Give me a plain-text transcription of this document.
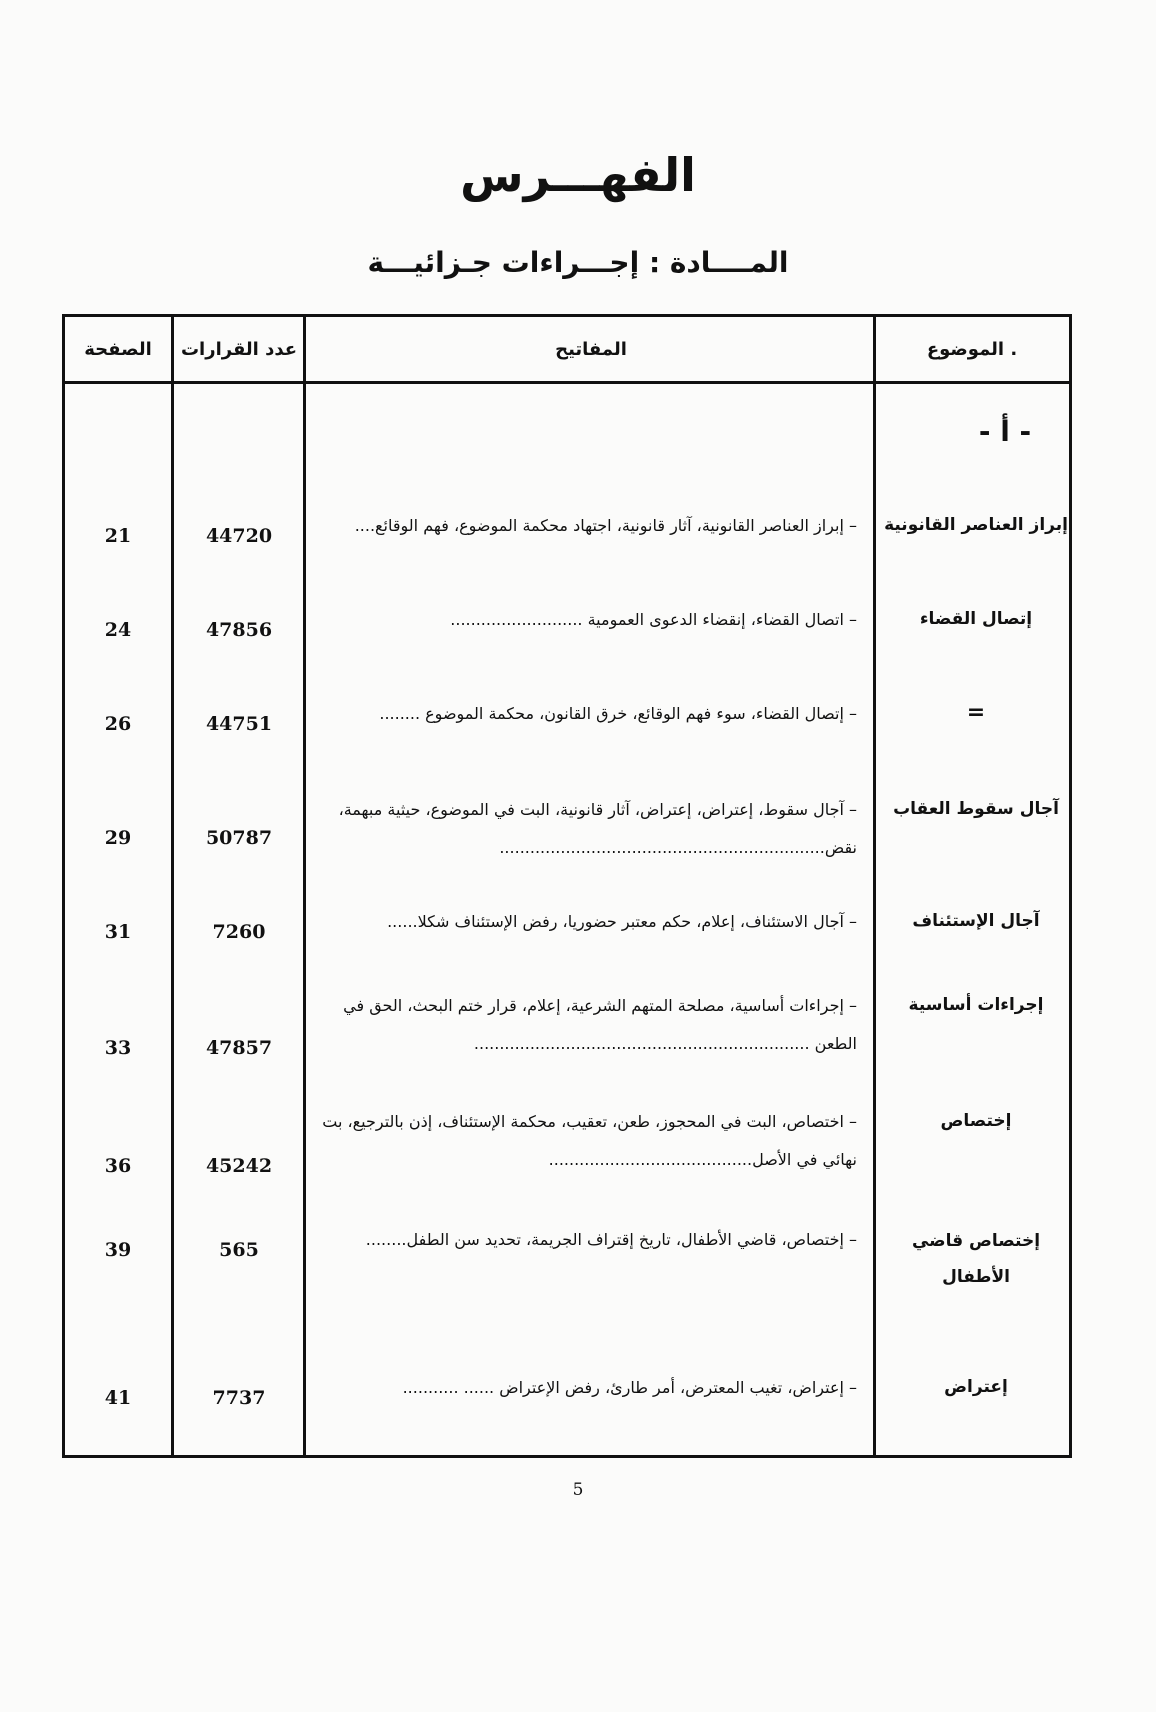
الفهـــرس
المــــادة : إجـــراءات جـزائيـــة
الموضوع .
المفاتيح
عدد القرارات
الصفحة
- أ -
إبراز العناصر القانونية
– إبراز العناصر القانونية، آثار قانونية، اجتهاد محكمة الموضوع، فهم الوقائع....
44720
21
إتصال القضاء
– اتصال القضاء، إنقضاء الدعوى العمومية ..........................
47856
24
=
– إتصال القضاء، سوء فهم الوقائع، خرق القانون، محكمة الموضوع ........
44751
26
آجال سقوط العقاب
– آجال سقوط، إعتراض، إعتراض، آثار قانونية، البت في الموضوع، حيثية مبهمة، نقض................................................................
50787
29
آجال الإستئناف
– آجال الاستئناف، إعلام، حكم معتبر حضوريا، رفض الإستئناف شكلا......
7260
31
إجراءات أساسية
– إجراءات أساسية، مصلحة المتهم الشرعية، إعلام، قرار ختم البحث، الحق في الطعن ..................................................................
47857
33
إختصاص
– اختصاص، البت في المحجوز، طعن، تعقيب، محكمة الإستئناف، إذن بالترجيع، بت نهائي في الأصل........................................
45242
36
إختصاص قاضي الأطفال
– إختصاص، قاضي الأطفال، تاريخ إقتراف الجريمة، تحديد سن الطفل........
565
39
إعتراض
– إعتراض، تغيب المعترض، أمر طارئ، رفض الإعتراض ...... ...........
7737
41
5
